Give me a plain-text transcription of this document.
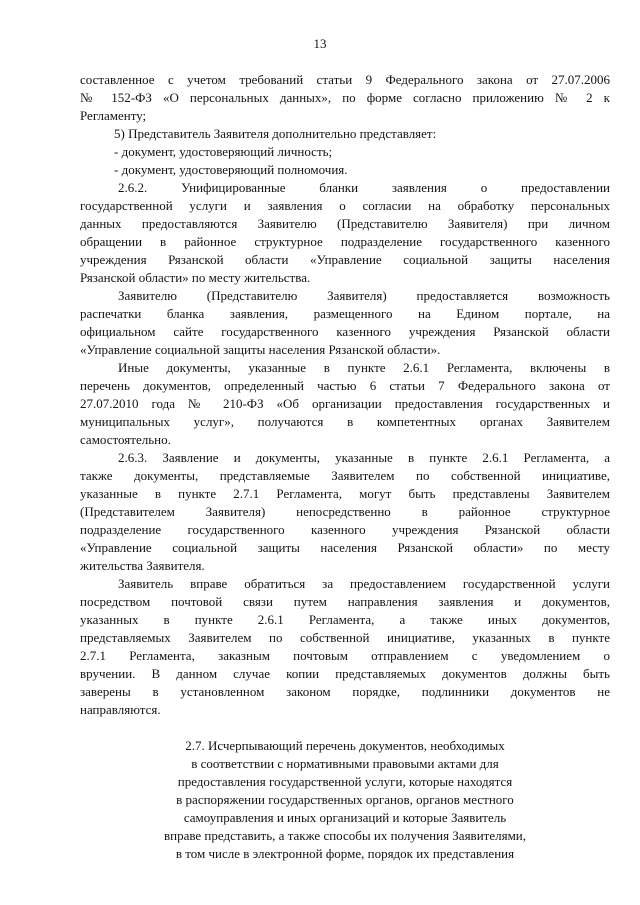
13
составленное с учетом требований статьи 9 Федерального закона от 27.07.2006
№ 152-ФЗ «О персональных данных», по форме согласно приложению № 2 к
Регламенту;
5) Представитель Заявителя дополнительно представляет:
- документ, удостоверяющий личность;
- документ, удостоверяющий полномочия.
2.6.2. Унифицированные бланки заявления о предоставлении
государственной услуги и заявления о согласии на обработку персональных
данных предоставляются Заявителю (Представителю Заявителя) при личном
обращении в районное структурное подразделение государственного казенного
учреждения Рязанской области «Управление социальной защиты населения
Рязанской области» по месту жительства.
Заявителю (Представителю Заявителя) предоставляется возможность
распечатки бланка заявления, размещенного на Едином портале, на
официальном сайте государственного казенного учреждения Рязанской области
«Управление социальной защиты населения Рязанской области».
Иные документы, указанные в пункте 2.6.1 Регламента, включены в
перечень документов, определенный частью 6 статьи 7 Федерального закона от
27.07.2010 года № 210-ФЗ «Об организации предоставления государственных и
муниципальных услуг», получаются в компетентных органах Заявителем
самостоятельно.
2.6.3. Заявление и документы, указанные в пункте 2.6.1 Регламента, а
также документы, представляемые Заявителем по собственной инициативе,
указанные в пункте 2.7.1 Регламента, могут быть представлены Заявителем
(Представителем Заявителя) непосредственно в районное структурное
подразделение государственного казенного учреждения Рязанской области
«Управление социальной защиты населения Рязанской области» по месту
жительства Заявителя.
Заявитель вправе обратиться за предоставлением государственной услуги
посредством почтовой связи путем направления заявления и документов,
указанных в пункте 2.6.1 Регламента, а также иных документов,
представляемых Заявителем по собственной инициативе, указанных в пункте
2.7.1 Регламента, заказным почтовым отправлением с уведомлением о
вручении. В данном случае копии представляемых документов должны быть
заверены в установленном законом порядке, подлинники документов не
направляются.
2.7. Исчерпывающий перечень документов, необходимых
в соответствии с нормативными правовыми актами для
предоставления государственной услуги, которые находятся
в распоряжении государственных органов, органов местного
самоуправления и иных организаций и которые Заявитель
вправе представить, а также способы их получения Заявителями,
в том числе в электронной форме, порядок их представления
